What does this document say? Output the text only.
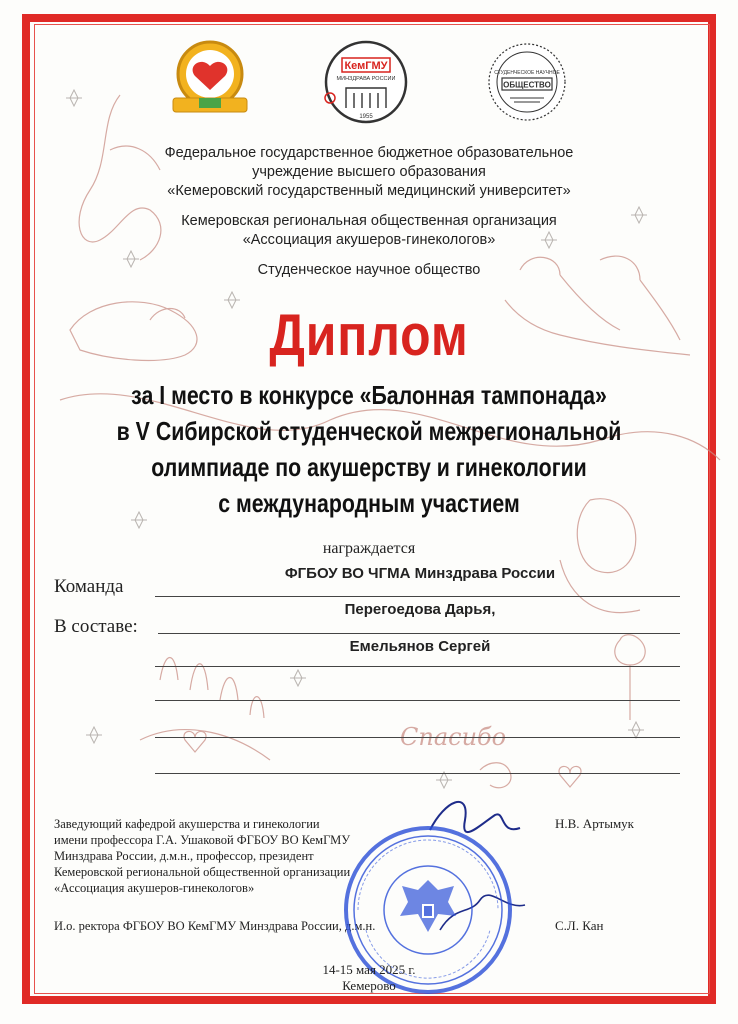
Спасибо
КемГМУ
МИНЗДРАВА РОССИИ
1955
СТУДЕНЧЕСКОЕ НАУЧНОЕ
ОБЩЕСТВО
Федеральное государственное бюджетное образовательное
учреждение высшего образования
«Кемеровский государственный медицинский университет»
Кемеровская региональная общественная организация
«Ассоциация акушеров-гинекологов»
Студенческое научное общество
Диплом
за I место в конкурсе «Балонная тампонада»
в V Сибирской студенческой межрегиональной
олимпиаде по акушерству и гинекологии
с международным участием
награждается
Команда
ФГБОУ ВО ЧГМА Минздрава России
В составе:
Перегоедова Дарья,
Емельянов Сергей
Заведующий кафедрой акушерства и гинекологии
имени профессора Г.А. Ушаковой ФГБОУ ВО КемГМУ
Минздрава России, д.м.н., профессор, президент
Кемеровской региональной общественной организации
«Ассоциация акушеров-гинекологов»
Н.В. Артымук
И.о. ректора ФГБОУ ВО КемГМУ Минздрава России, д.м.н.	С.Л. Кан
14-15 мая 2025 г.
Кемерово
